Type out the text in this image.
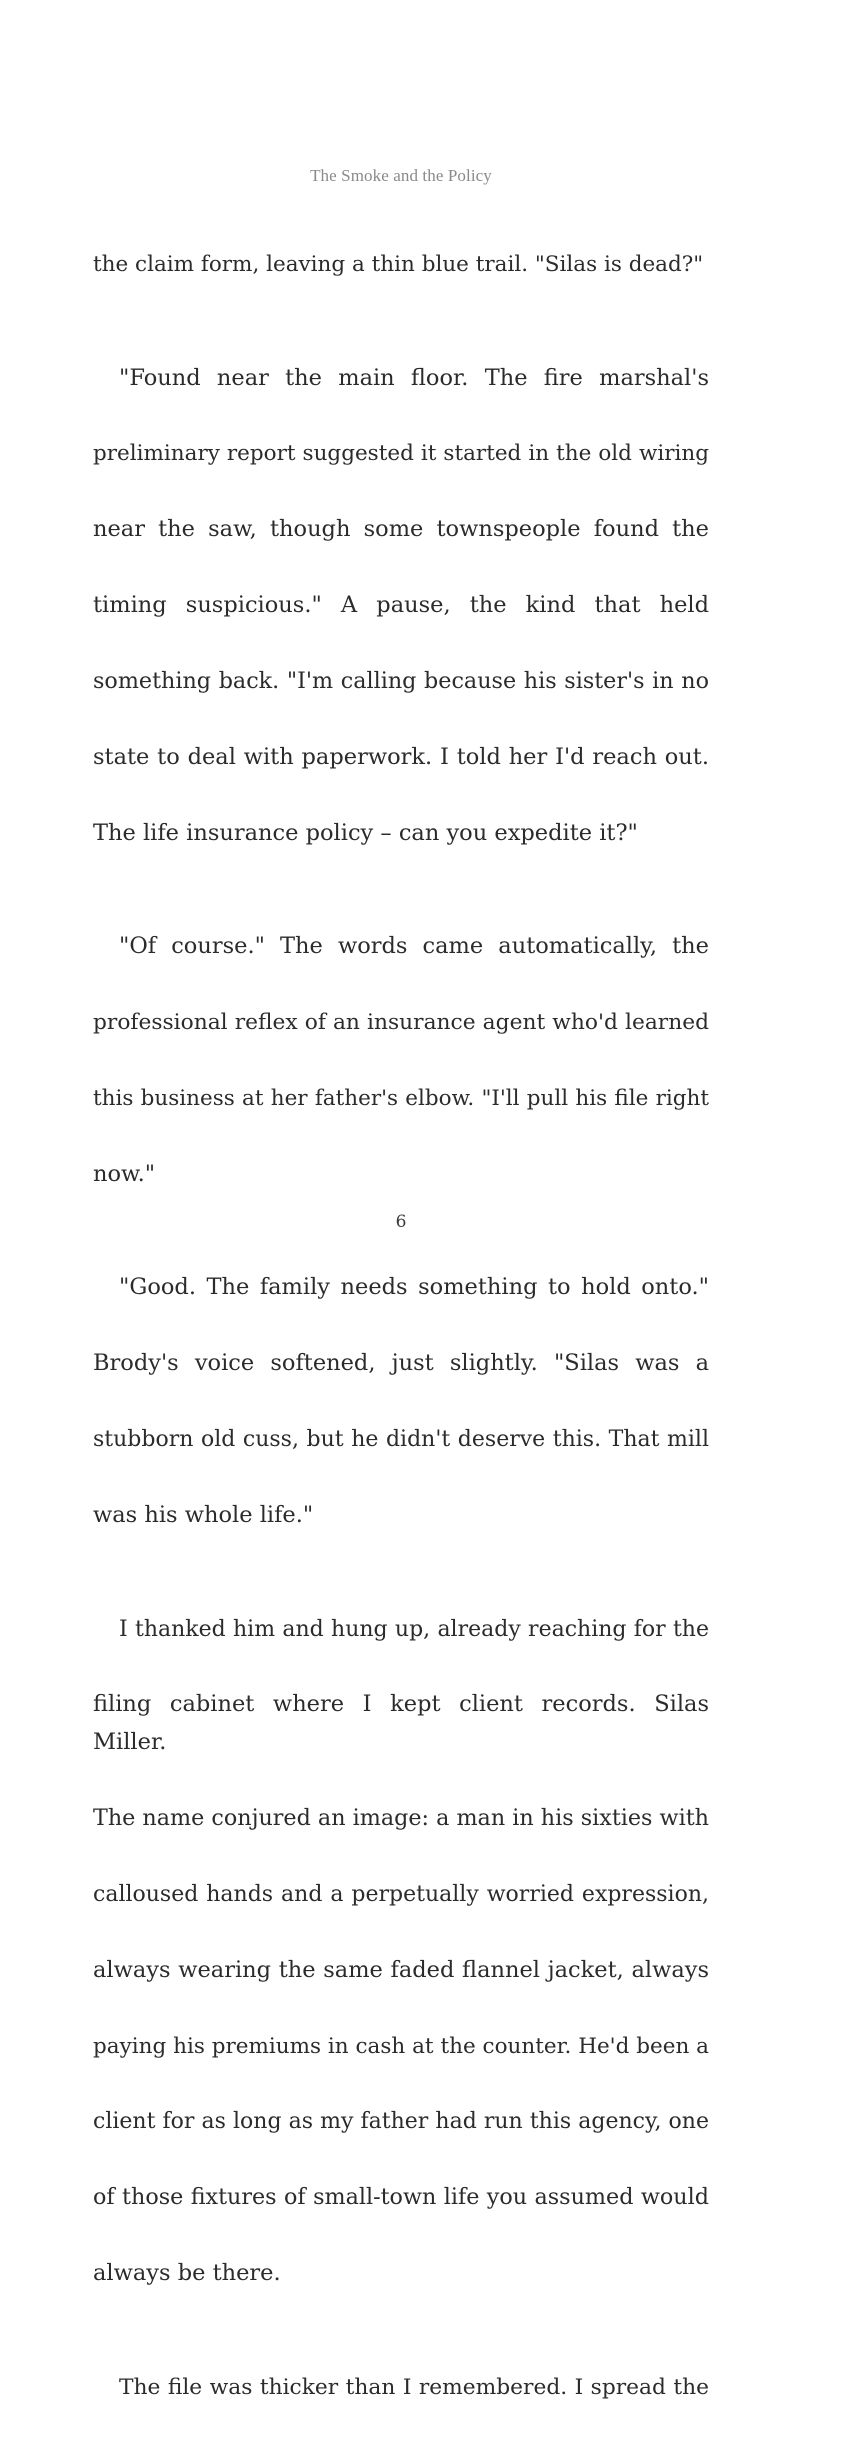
The Smoke and the Policy

the claim form, leaving a thin blue trail. "Silas is dead?"

"Found near the main floor. The fire marshal's

preliminary report suggested it started in the old wiring

near the saw, though some townspeople found the

timing suspicious." A pause, the kind that held

something back. "I'm calling because his sister's in no

state to deal with paperwork. I told her I'd reach out.

The life insurance policy – can you expedite it?"

"Of course." The words came automatically, the

professional reflex of an insurance agent who'd learned

this business at her father's elbow. "I'll pull his file right

now."

"Good. The family needs something to hold onto."

Brody's voice softened, just slightly. "Silas was a

stubborn old cuss, but he didn't deserve this. That mill

was his whole life."

I thanked him and hung up, already reaching for the

filing cabinet where I kept client records. Silas Miller.

The name conjured an image: a man in his sixties with

calloused hands and a perpetually worried expression,

always wearing the same faded flannel jacket, always

paying his premiums in cash at the counter. He'd been a

client for as long as my father had run this agency, one

of those fixtures of small-town life you assumed would

always be there.

The file was thicker than I remembered. I spread the

6
